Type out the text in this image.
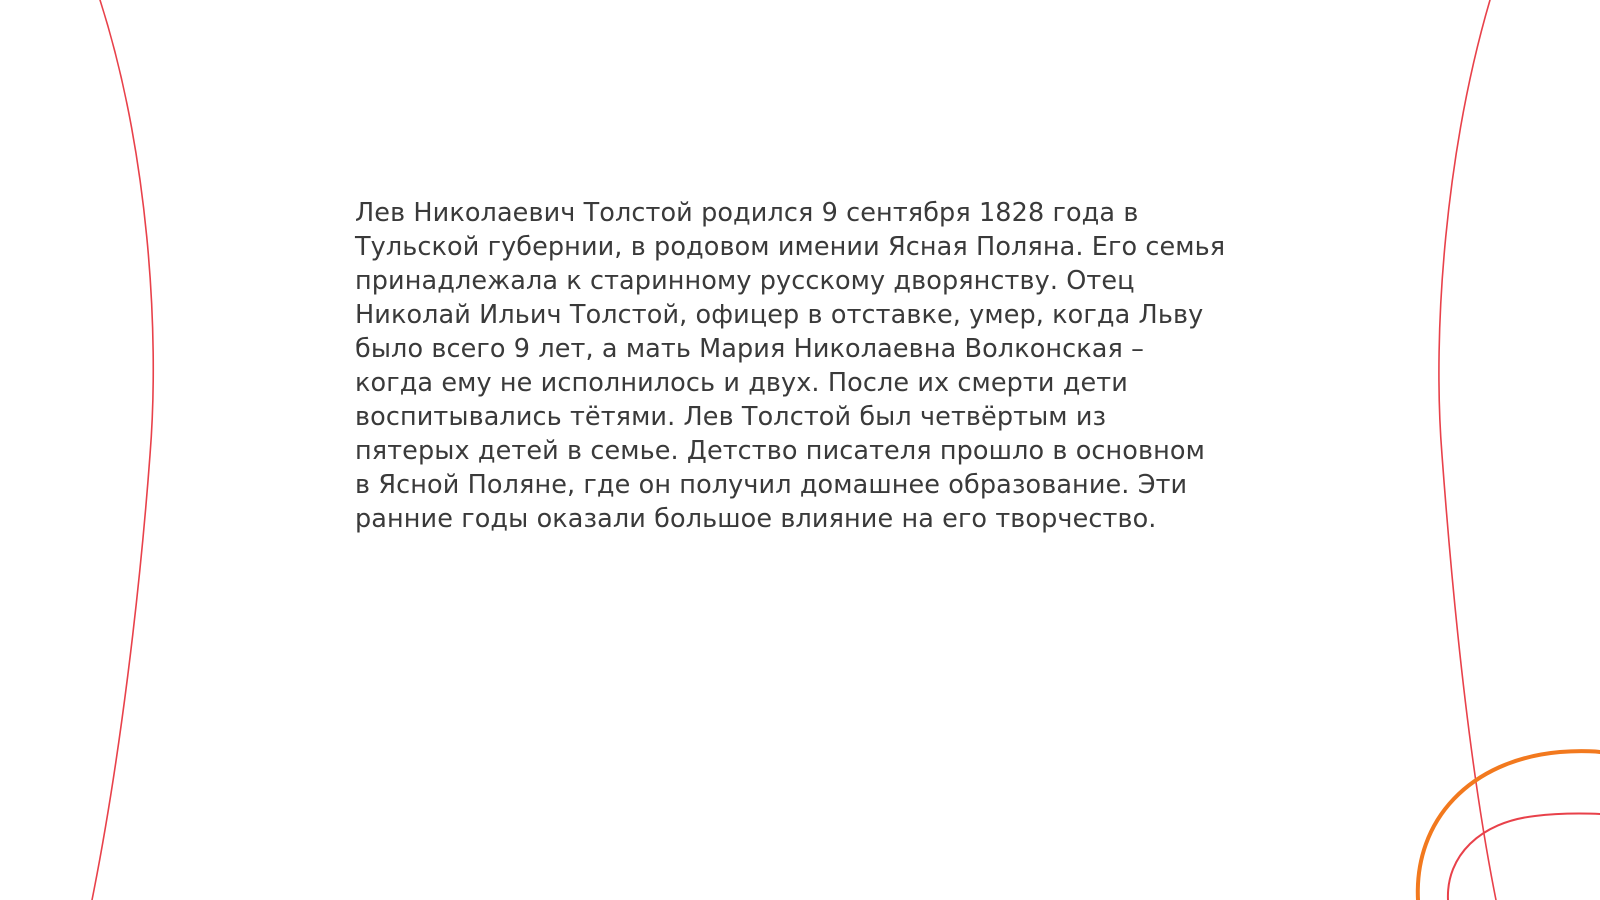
Лев Николаевич Толстой родился 9 сентября 1828 года в Тульской губернии, в родовом имении Ясная Поляна. Его семья принадлежала к старинному русскому дворянству. Отец Николай Ильич Толстой, офицер в отставке, умер, когда Льву было всего 9 лет, а мать Мария Николаевна Волконская – когда ему не исполнилось и двух. После их смерти дети воспитывались тётями. Лев Толстой был четвёртым из пятерых детей в семье. Детство писателя прошло в основном в Ясной Поляне, где он получил домашнее образование. Эти ранние годы оказали большое влияние на его творчество.
